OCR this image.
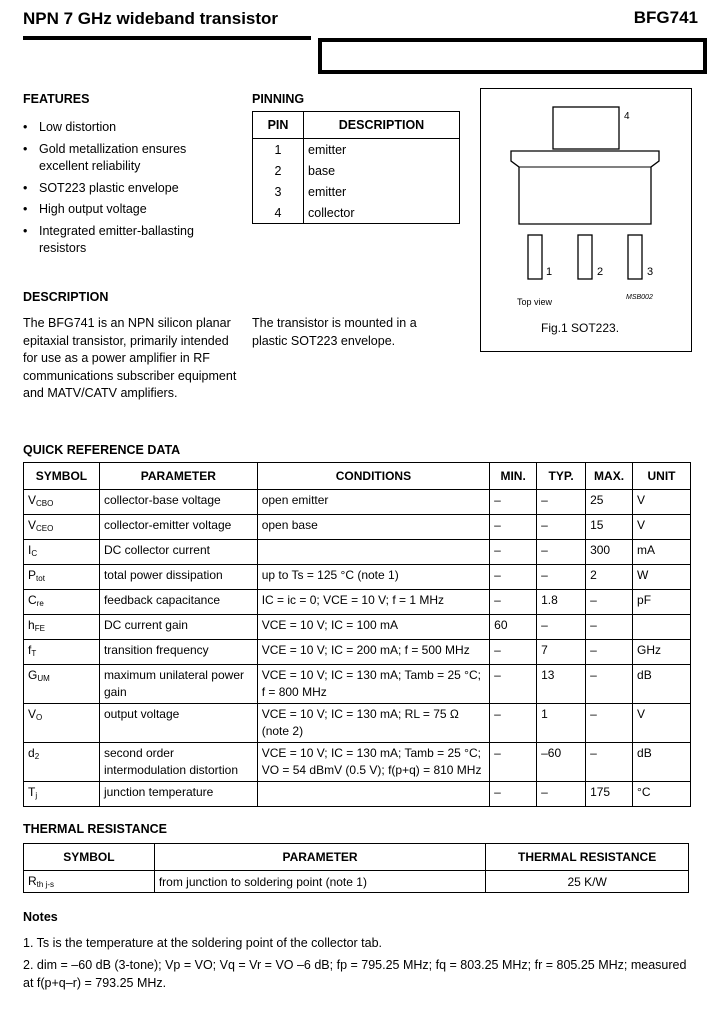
NPN 7 GHz wideband transistor	BFG741
FEATURES
• Low distortion
• Gold metallization ensures excellent reliability
• SOT223 plastic envelope
• High output voltage
• Integrated emitter-ballasting resistors
PINNING
PIN	DESCRIPTION
1	emitter
2	base
3	emitter
4	collector
4
1	2	3
Top view	MSB002
Fig.1 SOT223.
DESCRIPTION
The BFG741 is an NPN silicon planar epitaxial transistor, primarily intended for use as a power amplifier in RF communications subscriber equipment and MATV/CATV amplifiers.
The transistor is mounted in a plastic SOT223 envelope.
QUICK REFERENCE DATA
SYMBOL	PARAMETER	CONDITIONS	MIN.	TYP.	MAX.	UNIT
$V_{CBO}$	collector-base voltage	open emitter	–	–	25	V
$V_{CEO}$	collector-emitter voltage	open base	–	–	15	V
$I_C$	DC collector current		–	–	300	mA
$P_{tot}$	total power dissipation	up to Ts = 125 °C (note 1)	–	–	2	W
$C_{re}$	feedback capacitance	IC = ic = 0; VCE = 10 V; f = 1 MHz	–	1.8	–	pF
$h_{FE}$	DC current gain	VCE = 10 V; IC = 100 mA	60	–	–	
$f_T$	transition frequency	VCE = 10 V; IC = 200 mA; f = 500 MHz	–	7	–	GHz
$G_{UM}$	maximum unilateral power gain	VCE = 10 V; IC = 130 mA; Tamb = 25 °C; f = 800 MHz	–	13	–	dB
$V_O$	output voltage	VCE = 10 V; IC = 130 mA; RL = 75 Ω (note 2)	–	1	–	V
$d_2$	second order intermodulation distortion	VCE = 10 V; IC = 130 mA; Tamb = 25 °C; VO = 54 dBmV (0.5 V); f(p+q) = 810 MHz	–	–60	–	dB
$T_j$	junction temperature		–	–	175	°C
THERMAL RESISTANCE
SYMBOL	PARAMETER	THERMAL RESISTANCE
$R_{th j-s}$	from junction to soldering point (note 1)	25 K/W
Notes
1. Ts is the temperature at the soldering point of the collector tab.
2. dim = –60 dB (3-tone); Vp = VO; Vq = Vr = VO –6 dB; fp = 795.25 MHz; fq = 803.25 MHz; fr = 805.25 MHz; measured at f(p+q–r) = 793.25 MHz.
